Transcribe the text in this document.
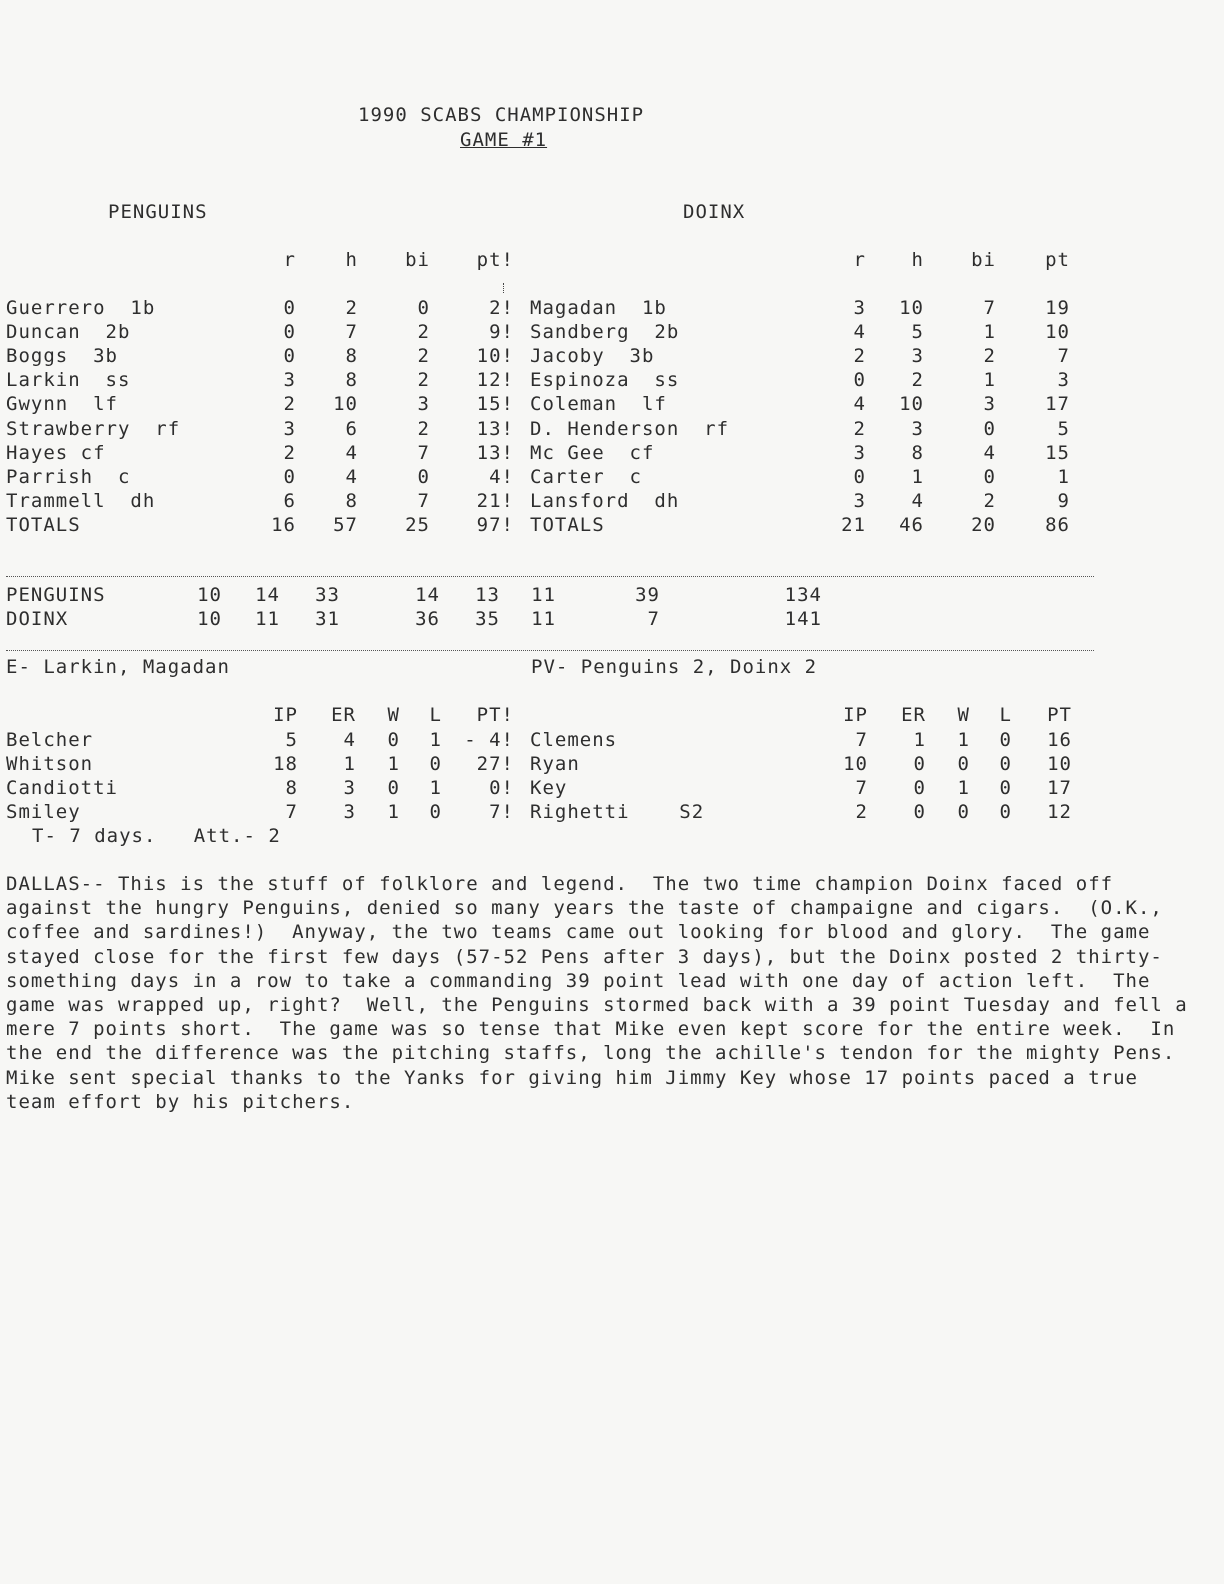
1990 SCABS CHAMPIONSHIP
GAME #1
PENGUINS	DOINX
r	h	bi	pt!	r	h	bi	pt
Guerrero  1b	0	2	0	2! Magadan  1b	3	10	7	19
Duncan  2b	0	7	2	9! Sandberg  2b	4	5	1	10
Boggs  3b	0	8	2	10! Jacoby  3b	2	3	2	7
Larkin  ss	3	8	2	12! Espinoza  ss	0	2	1	3
Gwynn  lf	2	10	3	15! Coleman  lf	4	10	3	17
Strawberry  rf	3	6	2	13! D. Henderson  rf	2	3	0	5
Hayes cf	2	4	7	13! Mc Gee  cf	3	8	4	15
Parrish  c	0	4	0	4! Carter  c	0	1	0	1
Trammell  dh	6	8	7	21! Lansford  dh	3	4	2	9
TOTALS	16	57	25	97! TOTALS	21	46	20	86
PENGUINS	10	14	33	14	13	11	39	134
DOINX	10	11	31	36	35	11	7	141
E- Larkin, Magadan	PV- Penguins 2, Doinx 2
IP	ER	W	L	PT!	IP	ER	W	L	PT
Belcher	5	4	0	1	- 4! Clemens	7	1	1	0	16
Whitson	18	1	1	0	27! Ryan	10	0	0	0	10
Candiotti	8	3	0	1	0! Key	7	0	1	0	17
Smiley	7	3	1	0	7! Righetti    S2	2	0	0	0	12
T- 7 days.   Att.- 2
DALLAS-- This is the stuff of folklore and legend.  The two time champion Doinx faced off against the hungry Penguins, denied so many years the taste of champaigne and cigars.  (O.K., coffee and sardines!)  Anyway, the two teams came out looking for blood and glory.  The game stayed close for the first few days (57-52 Pens after 3 days), but the Doinx posted 2 thirty-something days in a row to take a commanding 39 point lead with one day of action left.  The game was wrapped up, right?  Well, the Penguins stormed back with a 39 point Tuesday and fell a mere 7 points short.  The game was so tense that Mike even kept score for the entire week.  In the end the difference was the pitching staffs, long the achille's tendon for the mighty Pens.  Mike sent special thanks to the Yanks for giving him Jimmy Key whose 17 points paced a true team effort by his pitchers.
